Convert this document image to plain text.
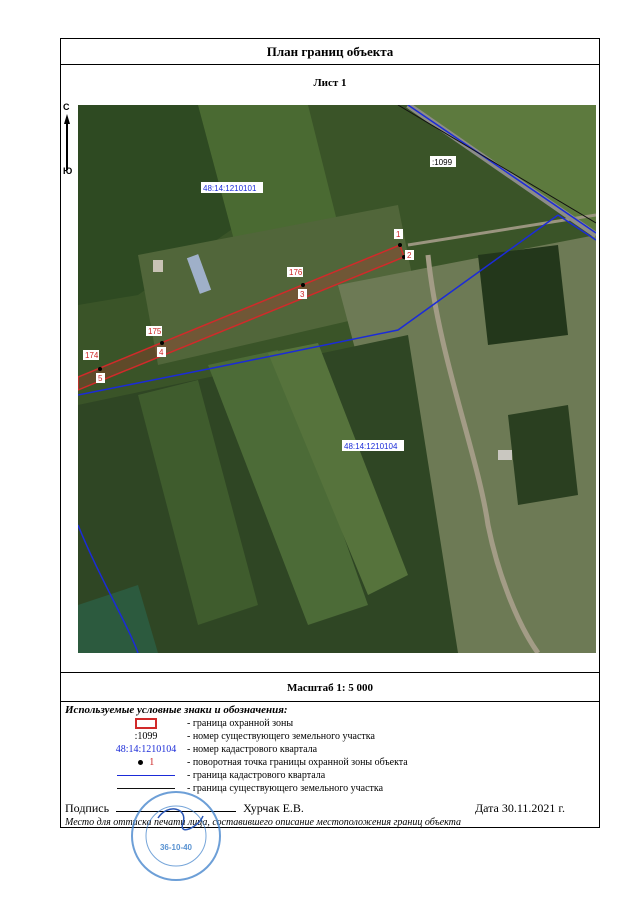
План границ объекта
Лист 1
С
Ю
1
2
3
4
5
174
175
176
:1099
48:14:1210101
48:14:1210104
Масштаб 1: 5 000
Используемые условные знаки и обозначения:
- граница охранной зоны
:1099	- номер существующего земельного участка
48:14:1210104	- номер кадастрового квартала
1	- поворотная точка границы охранной зоны объекта
- граница кадастрового квартала
- граница существующего земельного участка
Подпись	Хурчак Е.В.	Дата 30.11.2021 г.
Место для оттиска печати лица, составившего описание местоположения границ объекта
36-10-40
